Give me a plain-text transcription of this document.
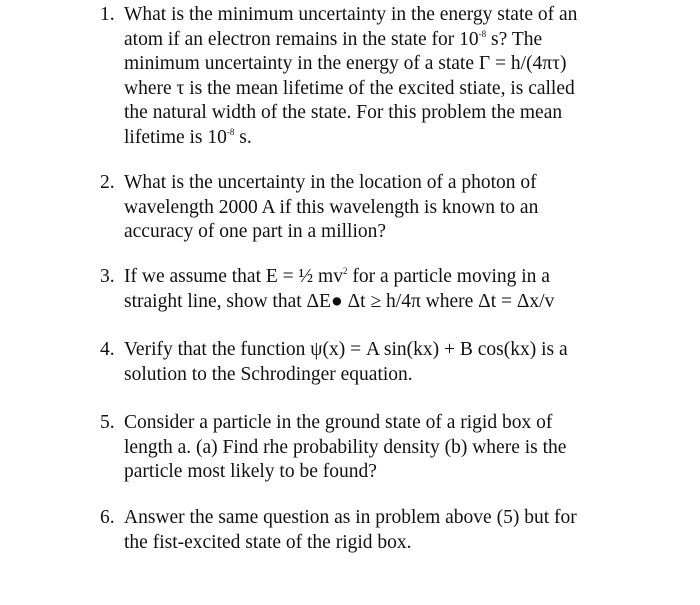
1. What is the minimum uncertainty in the energy state of an
atom if an electron remains in the state for $10^{-8}$ s? The
minimum uncertainty in the energy of a state Γ = h/(4πτ)
where τ is the mean lifetime of the excited stiate, is called
the natural width of the state. For this problem the mean
lifetime is $10^{-8}$ s.
2. What is the uncertainty in the location of a photon of
wavelength 2000 A if this wavelength is known to an
accuracy of one part in a million?
3. If we assume that E = ½ $mv^2$ for a particle moving in a
straight line, show that ΔE● Δt ≥ h/4π where Δt = Δx/v
4. Verify that the function ψ(x) = A sin(kx) + B cos(kx) is a
solution to the Schrodinger equation.
5. Consider a particle in the ground state of a rigid box of
length a. (a) Find rhe probability density (b) where is the
particle most likely to be found?
6. Answer the same question as in problem above (5) but for
the fist-excited state of the rigid box.
